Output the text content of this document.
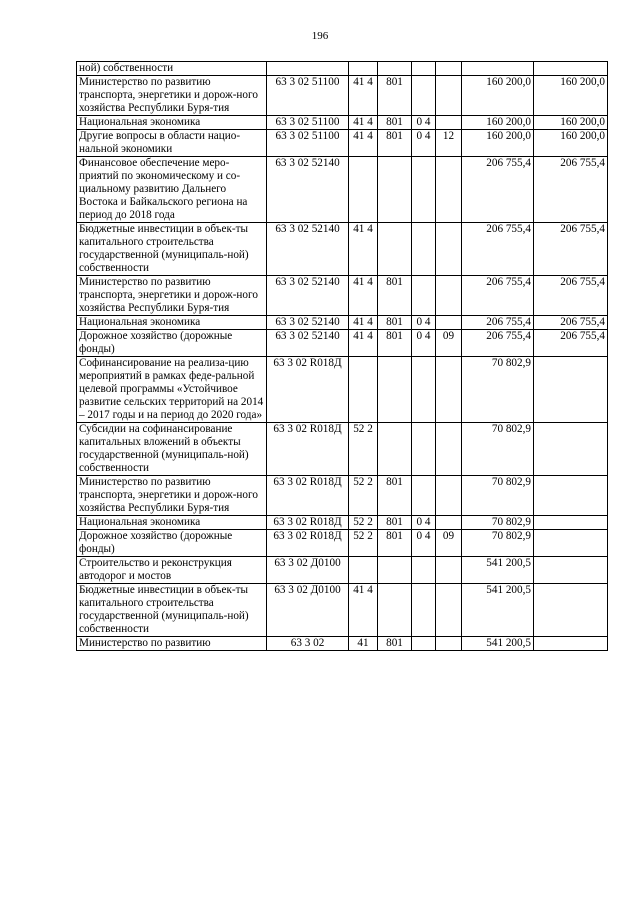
196
ной) собственности							
Министерство по развитию транспорта, энергетики и дорож-ного хозяйства Республики Буря-тия	63 3 02 51100	41 4	801			160 200,0	160 200,0
Национальная экономика	63 3 02 51100	41 4	801	0 4		160 200,0	160 200,0
Другие вопросы в области нацио-нальной экономики	63 3 02 51100	41 4	801	0 4	12	160 200,0	160 200,0
Финансовое обеспечение меро-приятий по экономическому и со-циальному развитию Дальнего Востока и Байкальского региона на период до 2018 года	63 3 02 52140					206 755,4	206 755,4
Бюджетные инвестиции в объек-ты капитального строительства государственной (муниципаль-ной) собственности	63 3 02 52140	41 4				206 755,4	206 755,4
Министерство по развитию транспорта, энергетики и дорож-ного хозяйства Республики Буря-тия	63 3 02 52140	41 4	801			206 755,4	206 755,4
Национальная экономика	63 3 02 52140	41 4	801	0 4		206 755,4	206 755,4
Дорожное хозяйство (дорожные фонды)	63 3 02 52140	41 4	801	0 4	09	206 755,4	206 755,4
Софинансирование на реализа-цию мероприятий в рамках феде-ральной целевой программы «Устойчивое развитие сельских территорий на 2014 – 2017 годы и на период до 2020 года»	63 3 02 R018Д					70 802,9	
Субсидии на софинансирование капитальных вложений в объекты государственной (муниципаль-ной) собственности	63 3 02 R018Д	52 2				70 802,9	
Министерство по развитию транспорта, энергетики и дорож-ного хозяйства Республики Буря-тия	63 3 02 R018Д	52 2	801			70 802,9	
Национальная экономика	63 3 02 R018Д	52 2	801	0 4		70 802,9	
Дорожное хозяйство (дорожные фонды)	63 3 02 R018Д	52 2	801	0 4	09	70 802,9	
Строительство и реконструкция автодорог и мостов	63 3 02 Д0100					541 200,5	
Бюджетные инвестиции в объек-ты капитального строительства государственной (муниципаль-ной) собственности	63 3 02 Д0100	41 4				541 200,5	
Министерство по развитию	63 3 02	41	801			541 200,5	
